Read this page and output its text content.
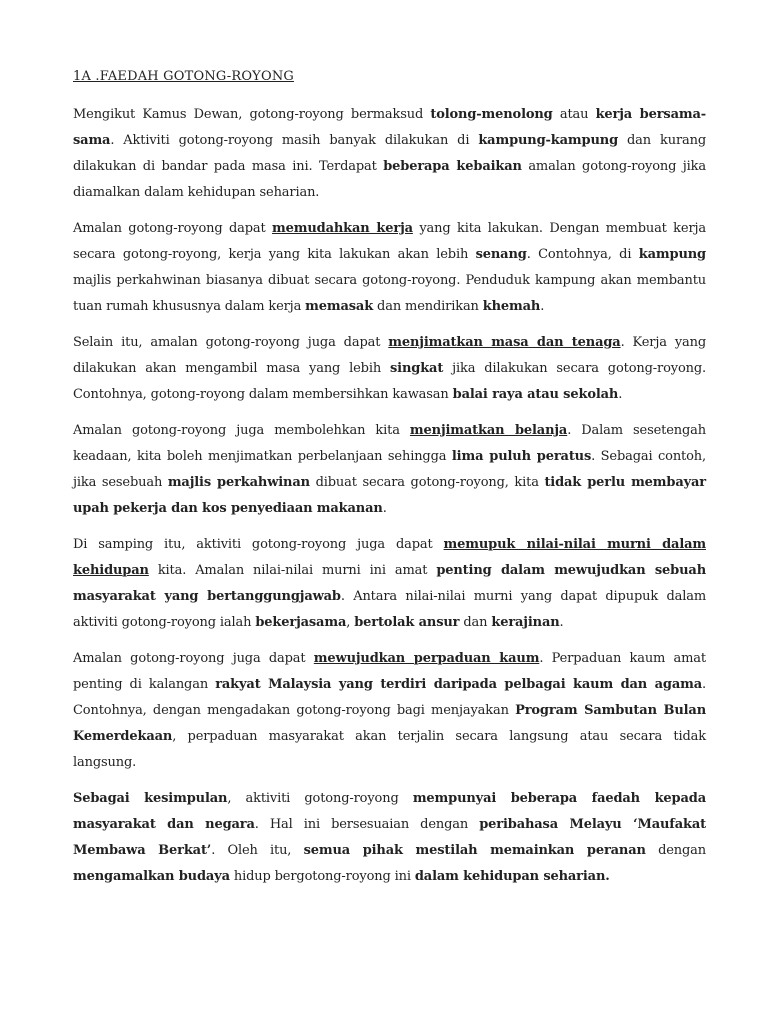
1A .FAEDAH GOTONG-ROYONG

Mengikut Kamus Dewan, gotong-royong bermaksud tolong-menolong atau kerja bersama-sama. Aktiviti gotong-royong masih banyak dilakukan di kampung-kampung dan kurang dilakukan di bandar pada masa ini. Terdapat beberapa kebaikan amalan gotong-royong jika diamalkan dalam kehidupan seharian.

Amalan gotong-royong dapat memudahkan kerja yang kita lakukan. Dengan membuat kerja secara gotong-royong, kerja yang kita lakukan akan lebih senang. Contohnya, di kampung majlis perkahwinan biasanya dibuat secara gotong-royong. Penduduk kampung akan membantu tuan rumah khususnya dalam kerja memasak dan mendirikan khemah.

Selain itu, amalan gotong-royong juga dapat menjimatkan masa dan tenaga. Kerja yang dilakukan akan mengambil masa yang lebih singkat jika dilakukan secara gotong-royong. Contohnya, gotong-royong dalam membersihkan kawasan balai raya atau sekolah.

Amalan gotong-royong juga membolehkan kita menjimatkan belanja. Dalam sesetengah keadaan, kita boleh menjimatkan perbelanjaan sehingga lima puluh peratus. Sebagai contoh, jika sesebuah majlis perkahwinan dibuat secara gotong-royong, kita tidak perlu membayar upah pekerja dan kos penyediaan makanan.

Di samping itu, aktiviti gotong-royong juga dapat memupuk nilai-nilai murni dalam kehidupan kita. Amalan nilai-nilai murni ini amat penting dalam mewujudkan sebuah masyarakat yang bertanggungjawab. Antara nilai-nilai murni yang dapat dipupuk dalam aktiviti gotong-royong ialah bekerjasama, bertolak ansur dan kerajinan.

Amalan gotong-royong juga dapat mewujudkan perpaduan kaum. Perpaduan kaum amat penting di kalangan rakyat Malaysia yang terdiri daripada pelbagai kaum dan agama. Contohnya, dengan mengadakan gotong-royong bagi menjayakan Program Sambutan Bulan Kemerdekaan, perpaduan masyarakat akan terjalin secara langsung atau secara tidak langsung.

Sebagai kesimpulan, aktiviti gotong-royong mempunyai beberapa faedah kepada masyarakat dan negara. Hal ini bersesuaian dengan peribahasa Melayu ‘Maufakat Membawa Berkat’. Oleh itu, semua pihak mestilah memainkan peranan dengan mengamalkan budaya hidup bergotong-royong ini dalam kehidupan seharian.
